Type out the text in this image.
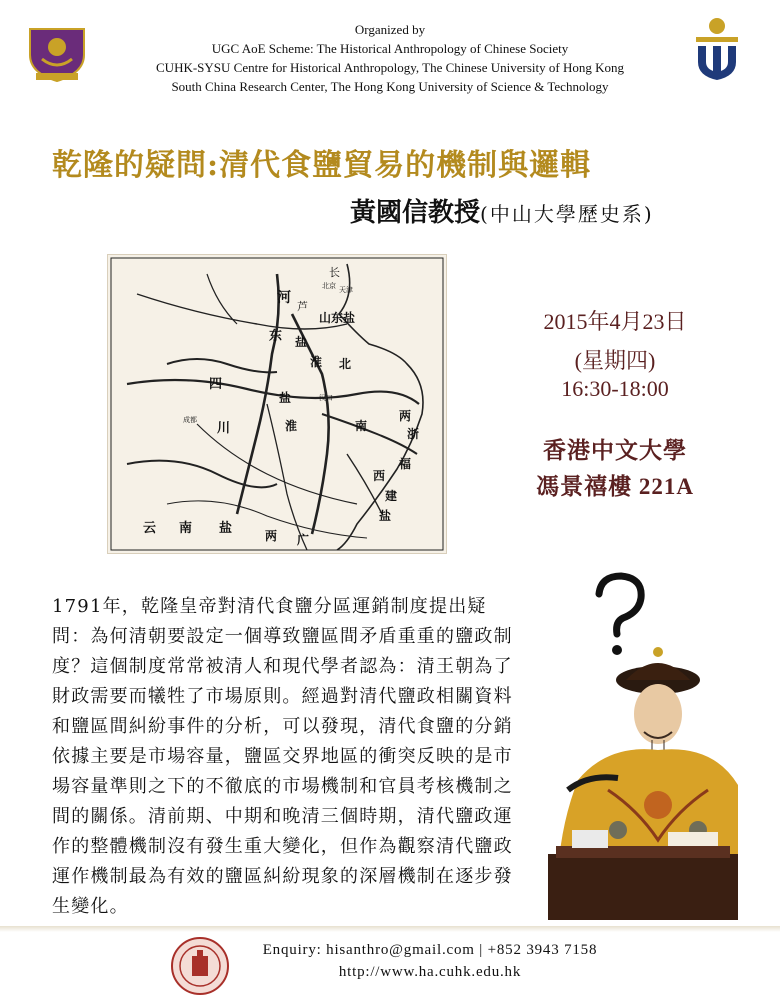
Organized by
UGC AoE Scheme: The Historical Anthropology of Chinese Society
CUHK-SYSU Centre for Historical Anthropology, The Chinese University of Hong Kong
South China Research Center, The Hong Kong University of Science & Technology
乾隆的疑問:清代食鹽貿易的機制與邏輯
黃國信教授(中山大學歷史系)
长
北京 天津
河
芦
山东盐
东 盐
淮 北
四
川
盐
淮
汉口
成都	南
两
浙
福
建
盐
云 南 盐	两 广
西
2015年4月23日
(星期四)
16:30-18:00
香港中文大學
馮景禧樓 221A
1791年，乾隆皇帝對清代食鹽分區運銷制度提出疑問：為何清朝要設定一個導致鹽區間矛盾重重的鹽政制度？這個制度常常被清人和現代學者認為：清王朝為了財政需要而犧牲了市場原則。經過對清代鹽政相關資料和鹽區間糾紛事件的分析，可以發現，清代食鹽的分銷依據主要是市場容量，鹽區交界地區的衝突反映的是市場容量準則之下的不徹底的市場機制和官員考核機制之間的關係。清前期、中期和晚清三個時期，清代鹽政運作的整體機制沒有發生重大變化，但作為觀察清代鹽政運作機制最為有效的鹽區糾紛現象的深層機制在逐步發生變化。
Enquiry: hisanthro@gmail.com | +852 3943 7158
http://www.ha.cuhk.edu.hk
